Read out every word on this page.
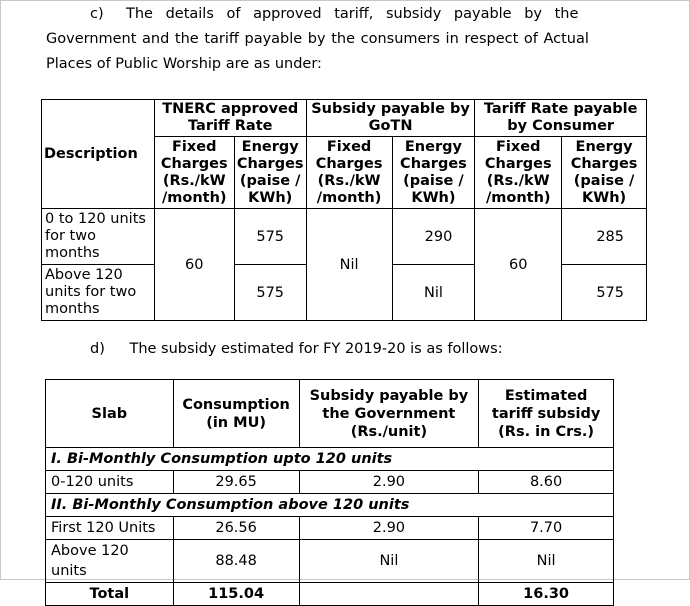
c) The details of approved tariff, subsidy payable by the

Government and the tariff payable by the consumers in respect of Actual
Places of Public Worship are as under:
Description	TNERC approved Tariff Rate		Subsidy payable by GoTN		Tariff Rate payable by Consumer	
	Fixed Charges (Rs./kW /month)	Energy Charges (paise / KWh)	Fixed Charges (Rs./kW /month)	Energy Charges (paise / KWh)	Fixed Charges (Rs./kW /month)	Energy Charges (paise / KWh)
0 to 120 units for two months	60	575	Nil	290	60	285
Above 120 units for two months		575		Nil		575
d) The subsidy estimated for FY 2019-20 is as follows:
Slab	Consumption (in MU)	Subsidy payable by the Government (Rs./unit)	Estimated tariff subsidy (Rs. in Crs.)
I. Bi-Monthly Consumption upto 120 units			
0-120 units	29.65	2.90	8.60
II. Bi-Monthly Consumption above 120 units			
First 120 Units	26.56	2.90	7.70
Above 120 units	88.48	Nil	Nil
Total	115.04		16.30
